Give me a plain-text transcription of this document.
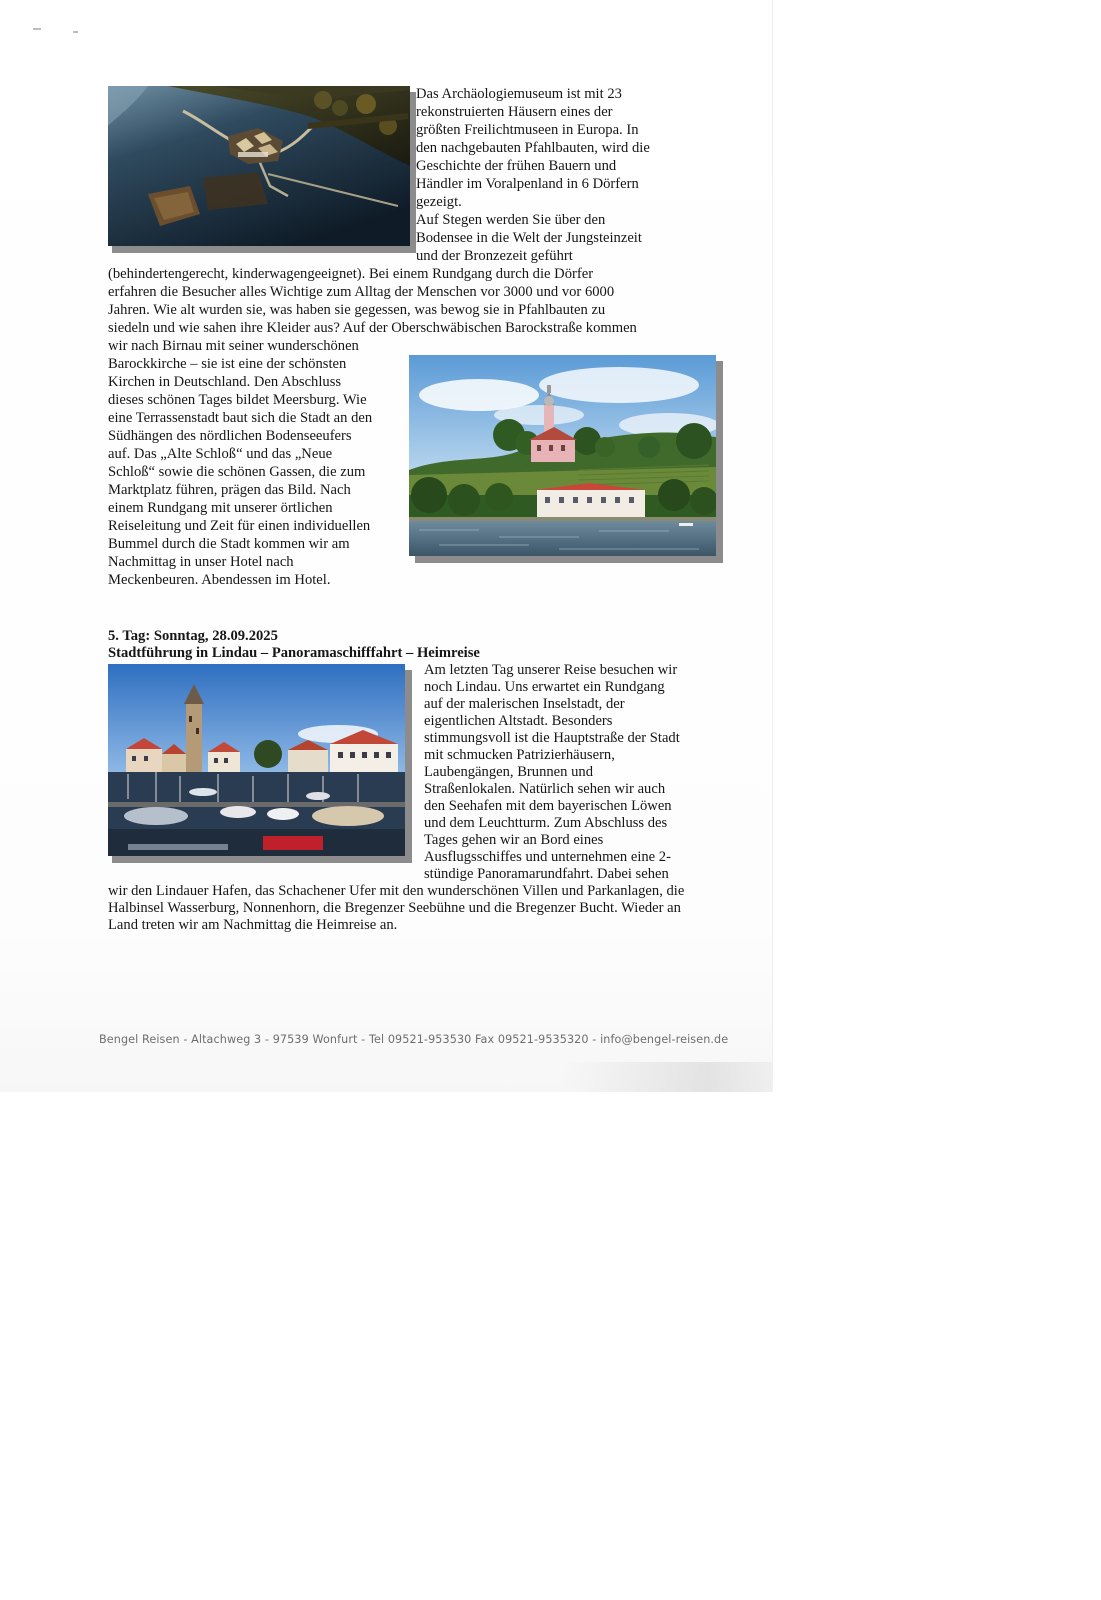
Das Archäologiemuseum ist mit 23

rekonstruierten Häusern eines der

größten Freilichtmuseen in Europa. In

den nachgebauten Pfahlbauten, wird die

Geschichte der frühen Bauern und

Händler im Voralpenland in 6 Dörfern

gezeigt.

Auf Stegen werden Sie über den

Bodensee in die Welt der Jungsteinzeit

und der Bronzezeit geführt

(behindertengerecht, kinderwagengeeignet). Bei einem Rundgang durch die Dörfer

erfahren die Besucher alles Wichtige zum Alltag der Menschen vor 3000 und vor 6000

Jahren. Wie alt wurden sie, was haben sie gegessen, was bewog sie in Pfahlbauten zu

siedeln und wie sahen ihre Kleider aus? Auf der Oberschwäbischen Barockstraße kommen

wir nach Birnau mit seiner wunderschönen

Barockkirche – sie ist eine der schönsten

Kirchen in Deutschland. Den Abschluss

dieses schönen Tages bildet Meersburg. Wie

eine Terrassenstadt baut sich die Stadt an den

Südhängen des nördlichen Bodenseeufers

auf. Das „Alte Schloß“ und das „Neue

Schloß“ sowie die schönen Gassen, die zum

Marktplatz führen, prägen das Bild. Nach

einem Rundgang mit unserer örtlichen

Reiseleitung und Zeit für einen individuellen

Bummel durch die Stadt kommen wir am

Nachmittag in unser Hotel nach

Meckenbeuren. Abendessen im Hotel.

5. Tag: Sonntag, 28.09.2025

Stadtführung in Lindau – Panoramaschifffahrt – Heimreise

Am letzten Tag unserer Reise besuchen wir

noch Lindau. Uns erwartet ein Rundgang

auf der malerischen Inselstadt, der

eigentlichen Altstadt. Besonders

stimmungsvoll ist die Hauptstraße der Stadt

mit schmucken Patrizierhäusern,

Laubengängen, Brunnen und

Straßenlokalen. Natürlich sehen wir auch

den Seehafen mit dem bayerischen Löwen

und dem Leuchtturm. Zum Abschluss des

Tages gehen wir an Bord eines

Ausflugsschiffes und unternehmen eine 2-

stündige Panoramarundfahrt. Dabei sehen

wir den Lindauer Hafen, das Schachener Ufer mit den wunderschönen Villen und Parkanlagen, die

Halbinsel Wasserburg, Nonnenhorn, die Bregenzer Seebühne und die Bregenzer Bucht. Wieder an

Land treten wir am Nachmittag die Heimreise an.

Bengel Reisen - Altachweg 3 - 97539 Wonfurt - Tel 09521-953530 Fax 09521-9535320 - info@bengel-reisen.de
